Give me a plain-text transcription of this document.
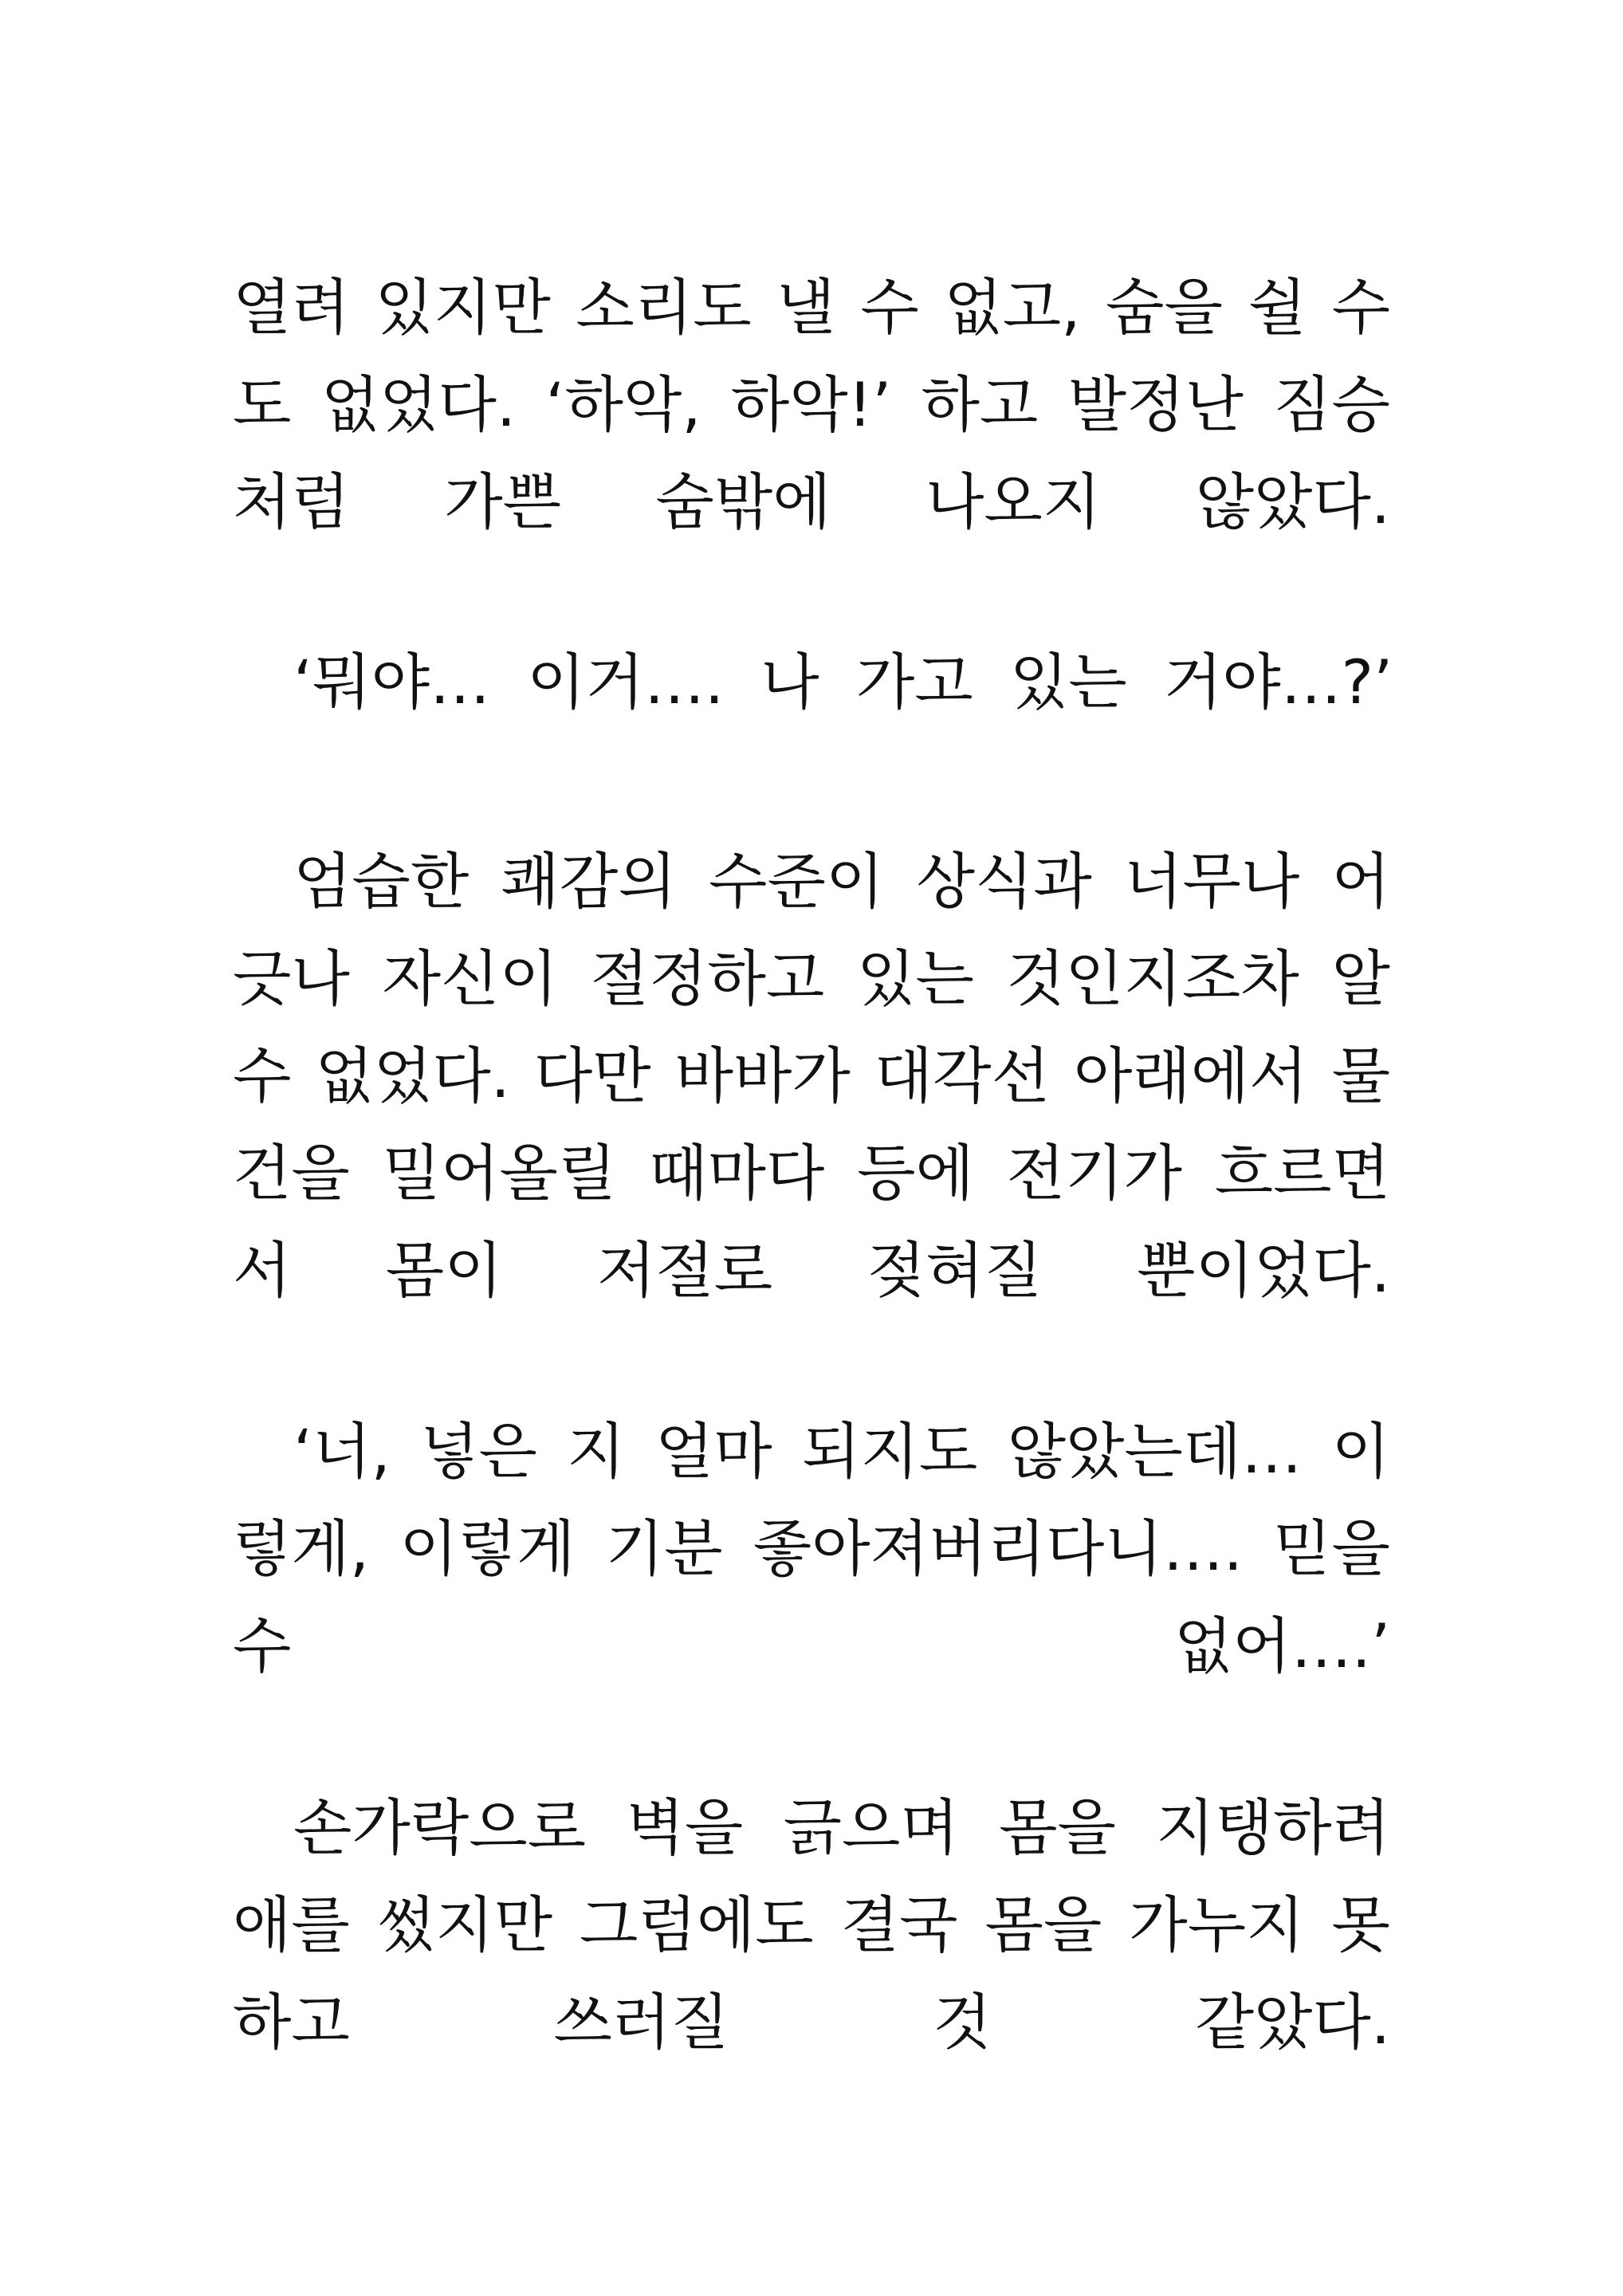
열려 있지만 소리도 낼 수 없고, 숨을 쉴 수
도 없었다. ‘하악, 하악!’ 하고 발정난 짐승
처럼 가쁜 숨밖에 나오지 않았다.
‘뭐야… 이거…. 나 가고 있는 거야…?’
엄습한 쾌감의 수준이 상식과 너무나 어
긋나 자신이 절정하고 있는 것인지조차 알
수 없었다. 다만 바바가 대각선 아래에서 물
건을 밀어올릴 때마다 등에 전기가 흐르면
서 몸이 저절로 젖혀질 뿐이었다.
‘너, 넣은 지 얼마 되지도 않았는데… 이
렇게, 이렇게 기분 좋아져버리다니…. 믿을
수 없어….’
손가락으로 벽을 긁으며 몸을 지탱하려
애를 썼지만 그럼에도 결국 몸을 가누지 못
하고 쓰러질 것 같았다.
